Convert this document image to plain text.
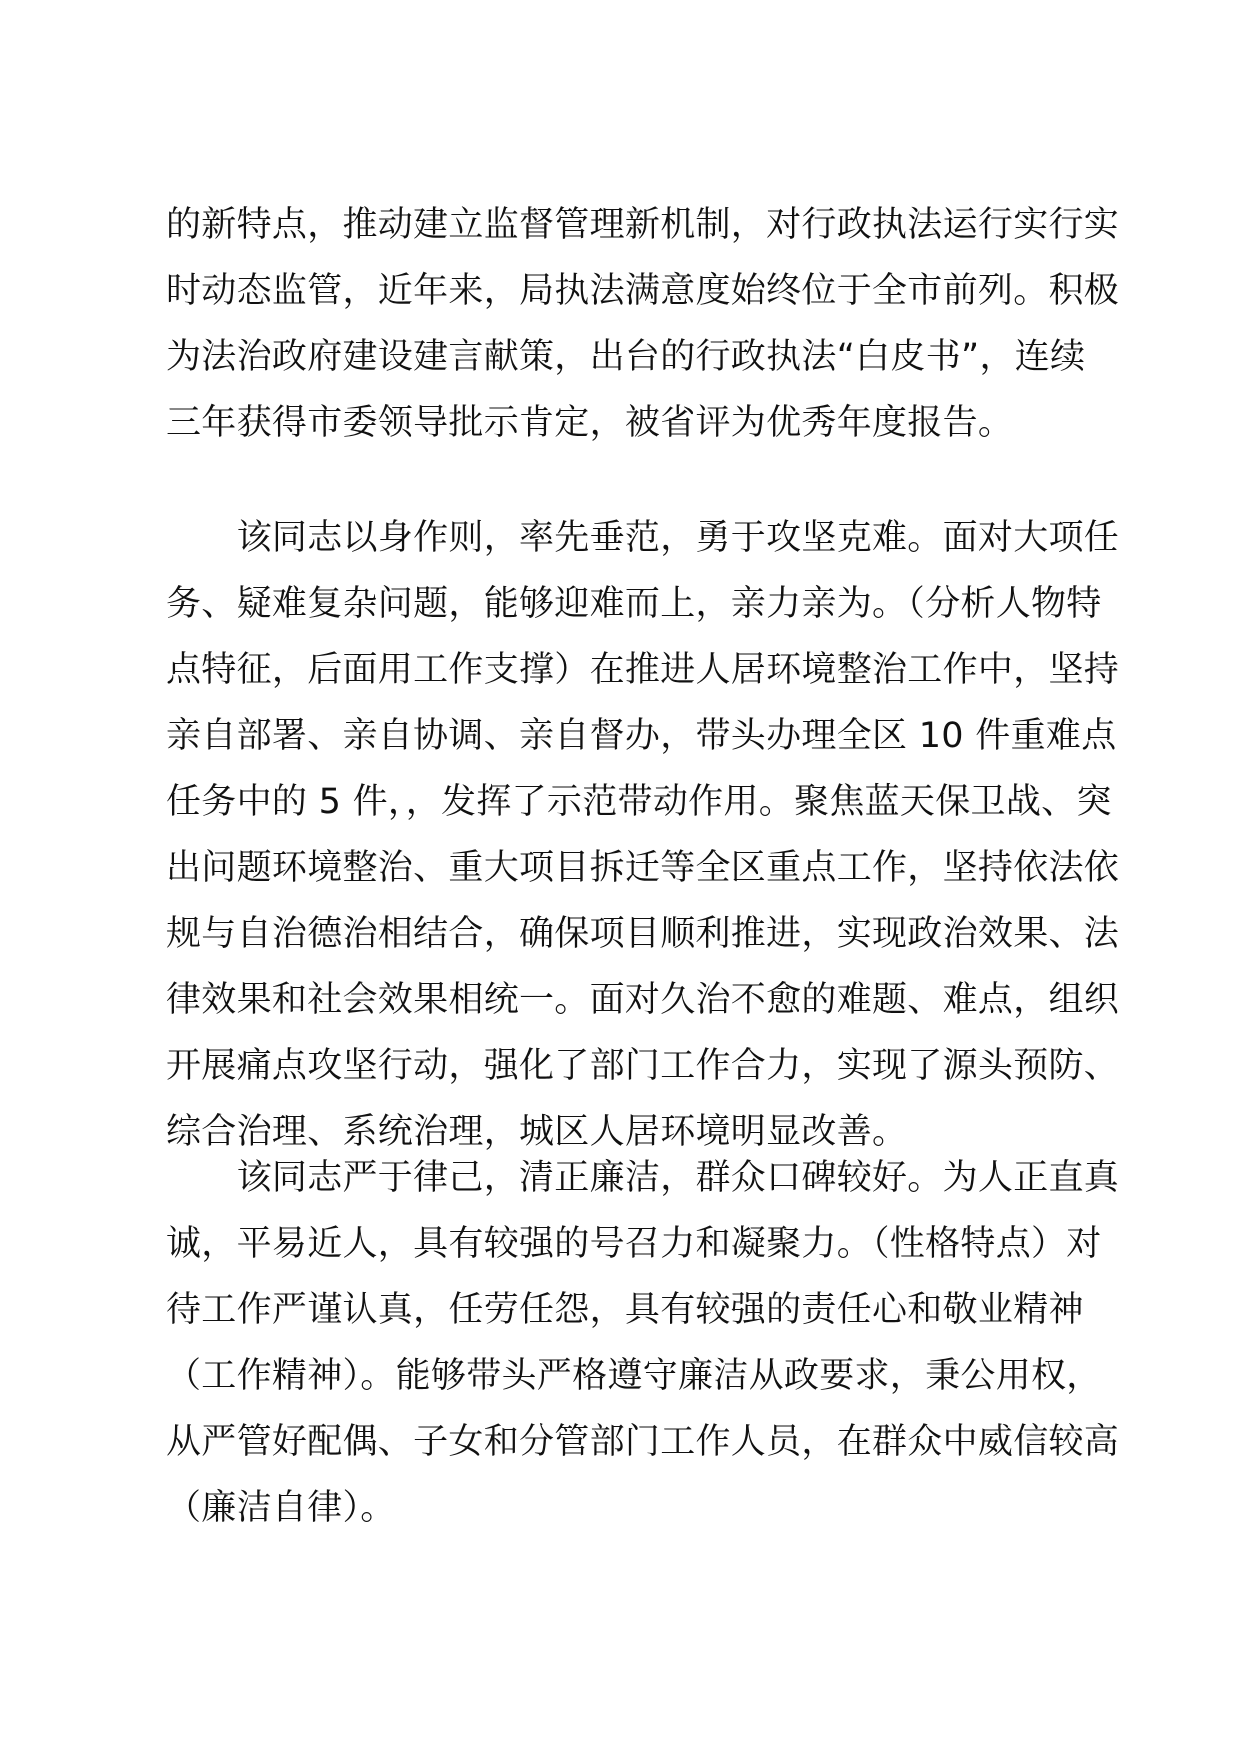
的新特点，推动建立监督管理新机制，对行政执法运行实行实
时动态监管，近年来，局执法满意度始终位于全市前列。积极
为法治政府建设建言献策，出台的行政执法“白皮书”，连续
三年获得市委领导批示肯定，被省评为优秀年度报告。
　　该同志以身作则，率先垂范，勇于攻坚克难。面对大项任
务、疑难复杂问题，能够迎难而上，亲力亲为。（分析人物特
点特征，后面用工作支撑）在推进人居环境整治工作中，坚持
亲自部署、亲自协调、亲自督办，带头办理全区 10 件重难点
任务中的 5 件，，发挥了示范带动作用。聚焦蓝天保卫战、突
出问题环境整治、重大项目拆迁等全区重点工作，坚持依法依
规与自治德治相结合，确保项目顺利推进，实现政治效果、法
律效果和社会效果相统一。面对久治不愈的难题、难点，组织
开展痛点攻坚行动，强化了部门工作合力，实现了源头预防、
综合治理、系统治理，城区人居环境明显改善。
　　该同志严于律己，清正廉洁，群众口碑较好。为人正直真
诚，平易近人，具有较强的号召力和凝聚力。（性格特点）对
待工作严谨认真，任劳任怨，具有较强的责任心和敬业精神
（工作精神）。能够带头严格遵守廉洁从政要求，秉公用权，
从严管好配偶、子女和分管部门工作人员，在群众中威信较高
（廉洁自律）。
